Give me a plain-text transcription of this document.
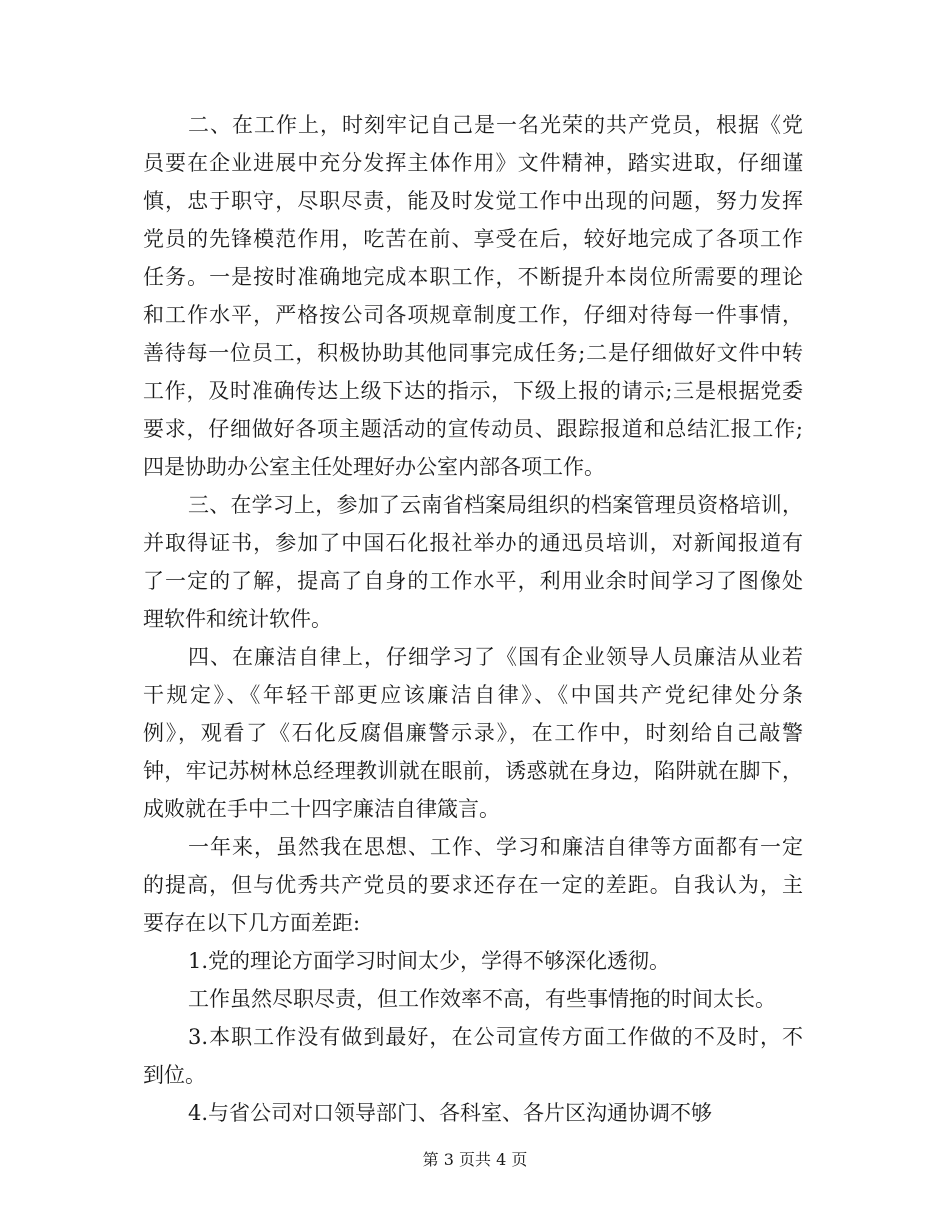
二、在工作上，时刻牢记自己是一名光荣的共产党员，根据《党
员要在企业进展中充分发挥主体作用》文件精神，踏实进取，仔细谨
慎，忠于职守，尽职尽责，能及时发觉工作中出现的问题，努力发挥
党员的先锋模范作用，吃苦在前、享受在后，较好地完成了各项工作
任务。一是按时准确地完成本职工作，不断提升本岗位所需要的理论
和工作水平，严格按公司各项规章制度工作，仔细对待每一件事情，
善待每一位员工，积极协助其他同事完成任务;二是仔细做好文件中转
工作，及时准确传达上级下达的指示，下级上报的请示;三是根据党委
要求，仔细做好各项主题活动的宣传动员、跟踪报道和总结汇报工作;
四是协助办公室主任处理好办公室内部各项工作。
三、在学习上，参加了云南省档案局组织的档案管理员资格培训，
并取得证书，参加了中国石化报社举办的通迅员培训，对新闻报道有
了一定的了解，提高了自身的工作水平，利用业余时间学习了图像处
理软件和统计软件。
四、在廉洁自律上，仔细学习了《国有企业领导人员廉洁从业若
干规定》、《年轻干部更应该廉洁自律》、《中国共产党纪律处分条
例》，观看了《石化反腐倡廉警示录》，在工作中，时刻给自己敲警
钟，牢记苏树林总经理教训就在眼前，诱惑就在身边，陷阱就在脚下，
成败就在手中二十四字廉洁自律箴言。
一年来，虽然我在思想、工作、学习和廉洁自律等方面都有一定
的提高，但与优秀共产党员的要求还存在一定的差距。自我认为，主
要存在以下几方面差距:
1.党的理论方面学习时间太少，学得不够深化透彻。
工作虽然尽职尽责，但工作效率不高，有些事情拖的时间太长。
3.本职工作没有做到最好，在公司宣传方面工作做的不及时，不
到位。
4.与省公司对口领导部门、各科室、各片区沟通协调不够
第 3 页共 4 页
